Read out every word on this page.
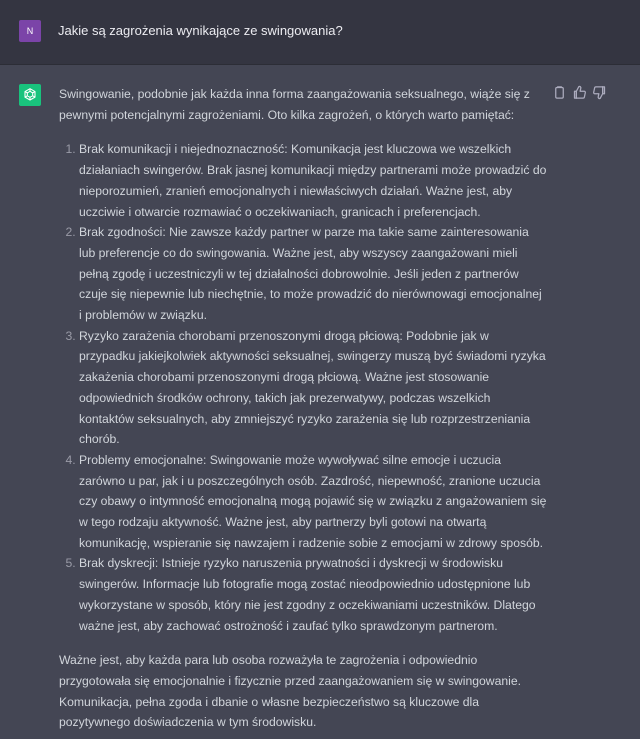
N	Jakie są zagrożenia wynikające ze swingowania?

Swingowanie, podobnie jak każda inna forma zaangażowania seksualnego, wiąże się z pewnymi potencjalnymi zagrożeniami. Oto kilka zagrożeń, o których warto pamiętać:

1. Brak komunikacji i niejednoznaczność: Komunikacja jest kluczowa we wszelkich działaniach swingerów. Brak jasnej komunikacji między partnerami może prowadzić do nieporozumień, zranień emocjonalnych i niewłaściwych działań. Ważne jest, aby uczciwie i otwarcie rozmawiać o oczekiwaniach, granicach i preferencjach.
2. Brak zgodności: Nie zawsze każdy partner w parze ma takie same zainteresowania lub preferencje co do swingowania. Ważne jest, aby wszyscy zaangażowani mieli pełną zgodę i uczestniczyli w tej działalności dobrowolnie. Jeśli jeden z partnerów czuje się niepewnie lub niechętnie, to może prowadzić do nierównowagi emocjonalnej i problemów w związku.
3. Ryzyko zarażenia chorobami przenoszonymi drogą płciową: Podobnie jak w przypadku jakiejkolwiek aktywności seksualnej, swingerzy muszą być świadomi ryzyka zakażenia chorobami przenoszonymi drogą płciową. Ważne jest stosowanie odpowiednich środków ochrony, takich jak prezerwatywy, podczas wszelkich kontaktów seksualnych, aby zmniejszyć ryzyko zarażenia się lub rozprzestrzeniania chorób.
4. Problemy emocjonalne: Swingowanie może wywoływać silne emocje i uczucia zarówno u par, jak i u poszczególnych osób. Zazdrość, niepewność, zranione uczucia czy obawy o intymność emocjonalną mogą pojawić się w związku z angażowaniem się w tego rodzaju aktywność. Ważne jest, aby partnerzy byli gotowi na otwartą komunikację, wspieranie się nawzajem i radzenie sobie z emocjami w zdrowy sposób.
5. Brak dyskrecji: Istnieje ryzyko naruszenia prywatności i dyskrecji w środowisku swingerów. Informacje lub fotografie mogą zostać nieodpowiednio udostępnione lub wykorzystane w sposób, który nie jest zgodny z oczekiwaniami uczestników. Dlatego ważne jest, aby zachować ostrożność i zaufać tylko sprawdzonym partnerom.

Ważne jest, aby każda para lub osoba rozważyła te zagrożenia i odpowiednio przygotowała się emocjonalnie i fizycznie przed zaangażowaniem się w swingowanie. Komunikacja, pełna zgoda i dbanie o własne bezpieczeństwo są kluczowe dla pozytywnego doświadczenia w tym środowisku.
